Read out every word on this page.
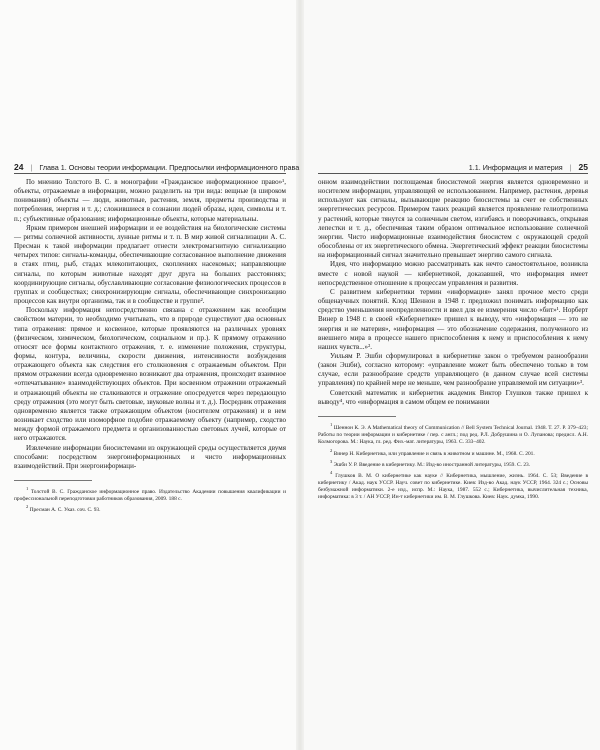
24 | Глава 1. Основы теории информации. Предпосылки информационного права	1.1. Информация и материя | 25

По мнению Толстого В. С. в монографии «Гражданское информационное право»¹, объекты, отражаемые в информации, можно разделить на три вида: вещные (в широком понимании) объекты — люди, животные, растения, земля, предметы производства и потребления, энергия и т. д.; сложившиеся в сознании людей образы, идеи, символы и т. п.; субъективные образования; информационные объекты, которые материальны.

Ярким примером внешней информации и ее воздействия на биологические системы — ритмы солнечной активности, лунные ритмы и т. п. В мир живой сигнализации А. С. Пресман к такой информации предлагает отнести электромагнитную сигнализацию четырех типов: сигналы-команды, обеспечивающие согласованное выполнение движения в стаях птиц, рыб, стадах млекопитающих, скоплениях насекомых; направляющие сигналы, по которым животные находят друг друга на больших расстояниях; координирующие сигналы, обуславливающие согласование физиологических процессов в группах и сообществах; синхронизирующие сигналы, обеспечивающие синхронизацию процессов как внутри организма, так и в сообществе и группе².

Поскольку информация непосредственно связана с отражением как всеобщим свойством материи, то необходимо учитывать, что в природе существуют два основных типа отражения: прямое и косвенное, которые проявляются на различных уровнях (физическом, химическом, биологическом, социальном и пр.). К прямому отражению относят все формы контактного отражения, т. е. изменение положения, структуры, формы, контура, величины, скорости движения, интенсивности возбуждения отражающего объекта как следствия его столкновения с отражаемым объектом. При прямом отражении всегда одновременно возникают два отражения, происходит взаимное «отпечатывание» взаимодействующих объектов. При косвенном отражении отражаемый и отражающий объекты не сталкиваются и отражение опосредуется через передающую среду отражения (это могут быть световые, звуковые волны и т. д.). Посредник отражения одновременно является также отражающим объектом (носителем отражения) и в нем возникает сходство или изоморфное подобие отражаемому объекту (например, сходство между формой отражаемого предмета и организованностью световых лучей, которые от него отражаются.

Извлечение информации биосистемами из окружающей среды осуществляется двумя способами: посредством энергоинформационных и чисто информационных взаимодействий. При энергоинформаци-

$^1$ Толстой В. С. Гражданское информационное право. Издательство Академии повышения квалификации и профессиональной переподготовки работников образования, 2009. 188 с.

$^2$ Пресман А. С. Указ. соч. С. 93.

онном взаимодействии поглощаемая биосистемой энергия является одновременно и носителем информации, управляющей ее использованием. Например, растения, деревья используют как сигналы, вызывающие реакцию биосистемы за счет ее собственных энергетических ресурсов. Примером таких реакций является проявление гелиотропизма у растений, которые тянутся за солнечным светом, изгибаясь и поворачиваясь, открывая лепестки и т. д., обеспечивая таким образом оптимальное использование солнечной энергии. Чисто информационные взаимодействия биосистем с окружающей средой обособлены от их энергетического обмена. Энергетический эффект реакции биосистемы на информационный сигнал значительно превышает энергию самого сигнала.

Идея, что информацию можно рассматривать как нечто самостоятельное, возникла вместе с новой наукой — кибернетикой, доказавшей, что информация имеет непосредственное отношение к процессам управления и развития.

С развитием кибернетики термин «информация» занял прочное место среди общенаучных понятий. Клод Шеннон в 1948 г. предложил понимать информацию как средство уменьшения неопределенности и ввел для ее измерения число «бит»¹. Норберт Винер в 1948 г. в своей «Кибернетике» пришел к выводу, что «информация — это не энергия и не материя», «информация — это обозначение содержания, полученного из внешнего мира в процессе нашего приспособления к нему и приспособления к нему наших чувств...»².

Уильям Р. Эшби сформулировал в кибернетике закон о требуемом разнообразии (закон Эшби), согласно которому: «управление может быть обеспечено только в том случае, если разнообразие средств управляющего (в данном случае всей системы управления) по крайней мере не меньше, чем разнообразие управляемой им ситуации»³.

Советский математик и кибернетик академик Виктор Глушков также пришел к выводу⁴, что «информация в самом общем ее понимании

$^1$ Шеннон К. Э. A Mathematical theory of Communication // Bell System Technical Journal. 1948. T. 27. P. 379–423; Работы по теории информации и кибернетике / пер. с англ.; под ред. Р.Л. Добрушина и О. Лупанова; предисл. А.Н. Колмогорова. М.: Наука, гл. ред. Физ.-мат. литературы, 1963. С. 333–402.

$^2$ Винер Н. Кибернетика, или управление и связь в животном и машине. М., 1968. С. 201.

$^3$ Эшби У. Р. Введение в кибернетику. М.: Изд-во иностранной литературы, 1959. С. 23.

$^4$ Глушков В. М. О кибернетике как науке // Кибернетика, мышление, жизнь. 1964. С. 53; Введение в кибернетику / Акад. наук УССР. Науч. совет по кибернетике. Киев: Изд-во Акад. наук УССР, 1964. 324 с.; Основы безбумажной информатики. 2-е изд., испр. М.: Наука, 1987. 552 с.; Кибернетика, вычислительная техника, информатика: в 3 т. / АН УССР, Ин-т кибернетики им. В. М. Глушкова. Киев: Наук. думка, 1990.
